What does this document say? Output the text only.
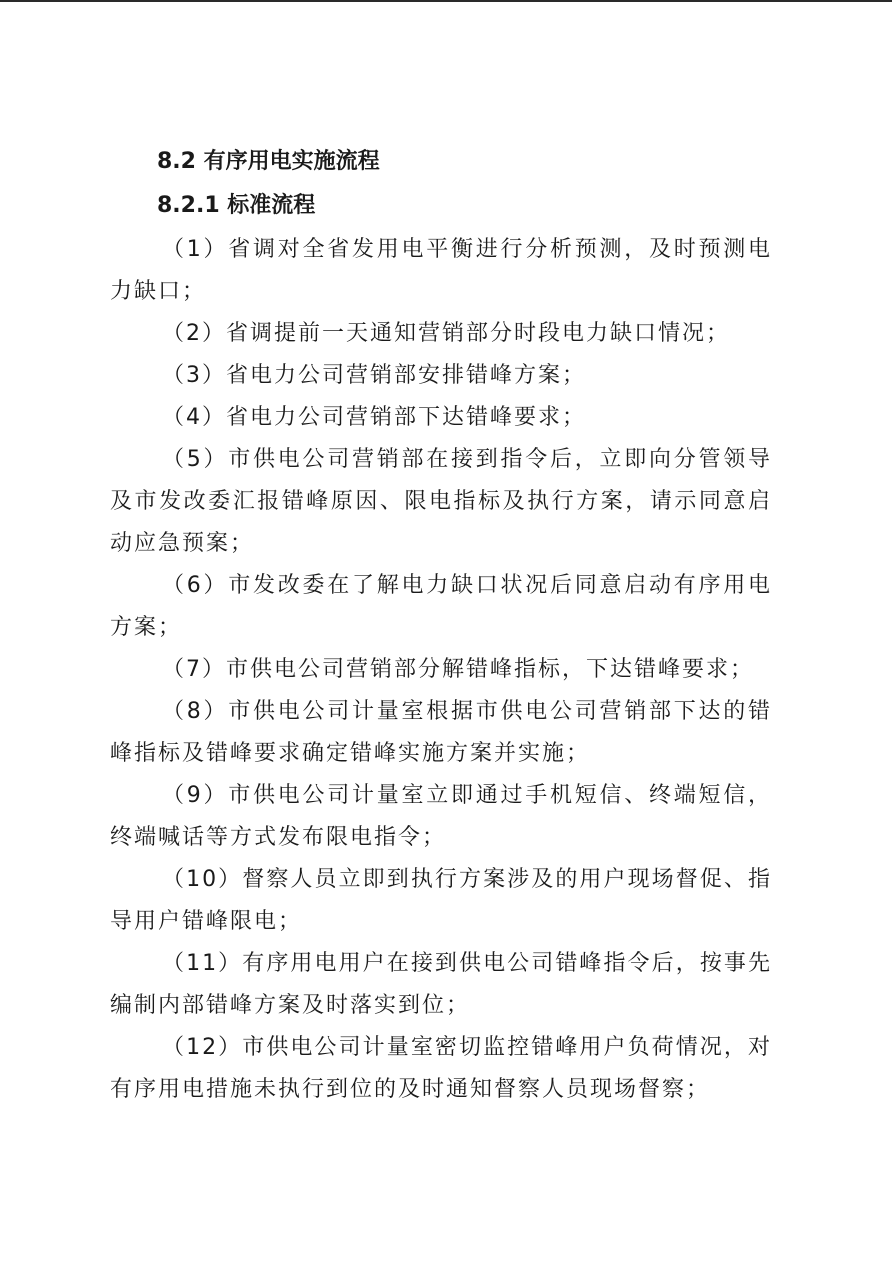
8.2 有序用电实施流程
8.2.1 标准流程

（1）省调对全省发用电平衡进行分析预测，及时预测电力缺口；

（2）省调提前一天通知营销部分时段电力缺口情况；

（3）省电力公司营销部安排错峰方案；

（4）省电力公司营销部下达错峰要求；

（5）市供电公司营销部在接到指令后，立即向分管领导及市发改委汇报错峰原因、限电指标及执行方案，请示同意启动应急预案；

（6）市发改委在了解电力缺口状况后同意启动有序用电方案；

（7）市供电公司营销部分解错峰指标，下达错峰要求；

（8）市供电公司计量室根据市供电公司营销部下达的错峰指标及错峰要求确定错峰实施方案并实施；

（9）市供电公司计量室立即通过手机短信、终端短信，终端喊话等方式发布限电指令；

（10）督察人员立即到执行方案涉及的用户现场督促、指导用户错峰限电；

（11）有序用电用户在接到供电公司错峰指令后，按事先编制内部错峰方案及时落实到位；

（12）市供电公司计量室密切监控错峰用户负荷情况，对有序用电措施未执行到位的及时通知督察人员现场督察；
